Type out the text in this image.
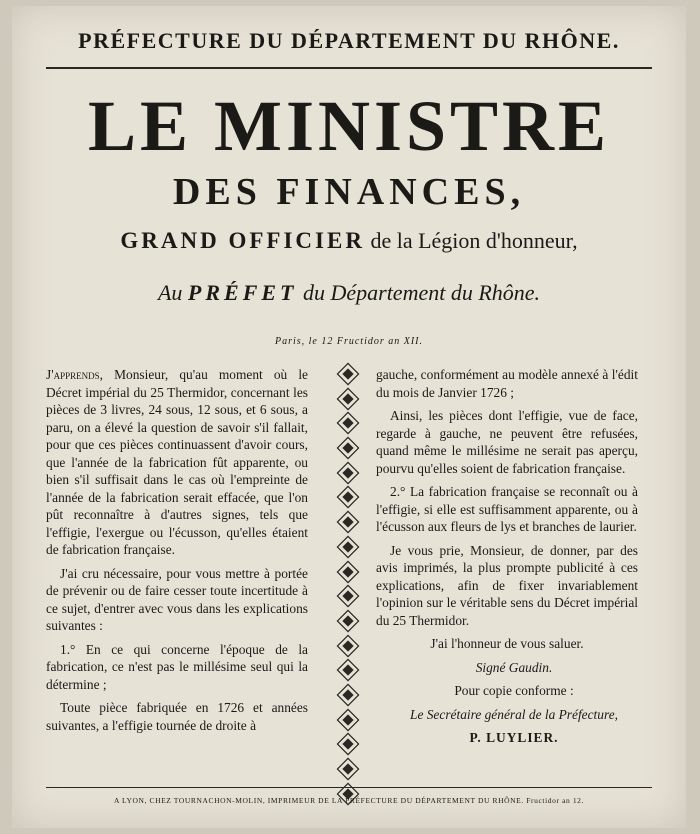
PRÉFECTURE DU DÉPARTEMENT DU RHÔNE.
LE MINISTRE
DES FINANCES,
GRAND OFFICIER de la Légion d'honneur,
Au PRÉFET du Département du Rhône.
Paris, le 12 Fructidor an XII.

J'apprends, Monsieur, qu'au moment où le Décret impérial du 25 Thermidor, concernant les pièces de 3 livres, 24 sous, 12 sous, et 6 sous, a paru, on a élevé la question de savoir s'il fallait, pour que ces pièces continuassent d'avoir cours, que l'année de la fabrication fût apparente, ou bien s'il suffisait dans le cas où l'empreinte de l'année de la fabrication serait effacée, que l'on pût reconnaître à d'autres signes, tels que l'effigie, l'exergue ou l'écusson, qu'elles étaient de fabrication française.

J'ai cru nécessaire, pour vous mettre à portée de prévenir ou de faire cesser toute incertitude à ce sujet, d'entrer avec vous dans les explications suivantes :

1.° En ce qui concerne l'époque de la fabrication, ce n'est pas le millésime seul qui la détermine ;

Toute pièce fabriquée en 1726 et années suivantes, a l'effigie tournée de droite à

gauche, conformément au modèle annexé à l'édit du mois de Janvier 1726 ;

Ainsi, les pièces dont l'effigie, vue de face, regarde à gauche, ne peuvent être refusées, quand même le millésime ne serait pas aperçu, pourvu qu'elles soient de fabrication française.

2.° La fabrication française se reconnaît ou à l'effigie, si elle est suffisamment apparente, ou à l'écusson aux fleurs de lys et branches de laurier.

Je vous prie, Monsieur, de donner, par des avis imprimés, la plus prompte publicité à ces explications, afin de fixer invariablement l'opinion sur le véritable sens du Décret impérial du 25 Thermidor.

J'ai l'honneur de vous saluer.

Signé Gaudin.

Pour copie conforme :

Le Secrétaire général de la Préfecture,

P. LUYLIER.

A LYON, CHEZ TOURNACHON-MOLIN, IMPRIMEUR DE LA PRÉFECTURE DU DÉPARTEMENT DU RHÔNE. Fructidor an 12.
